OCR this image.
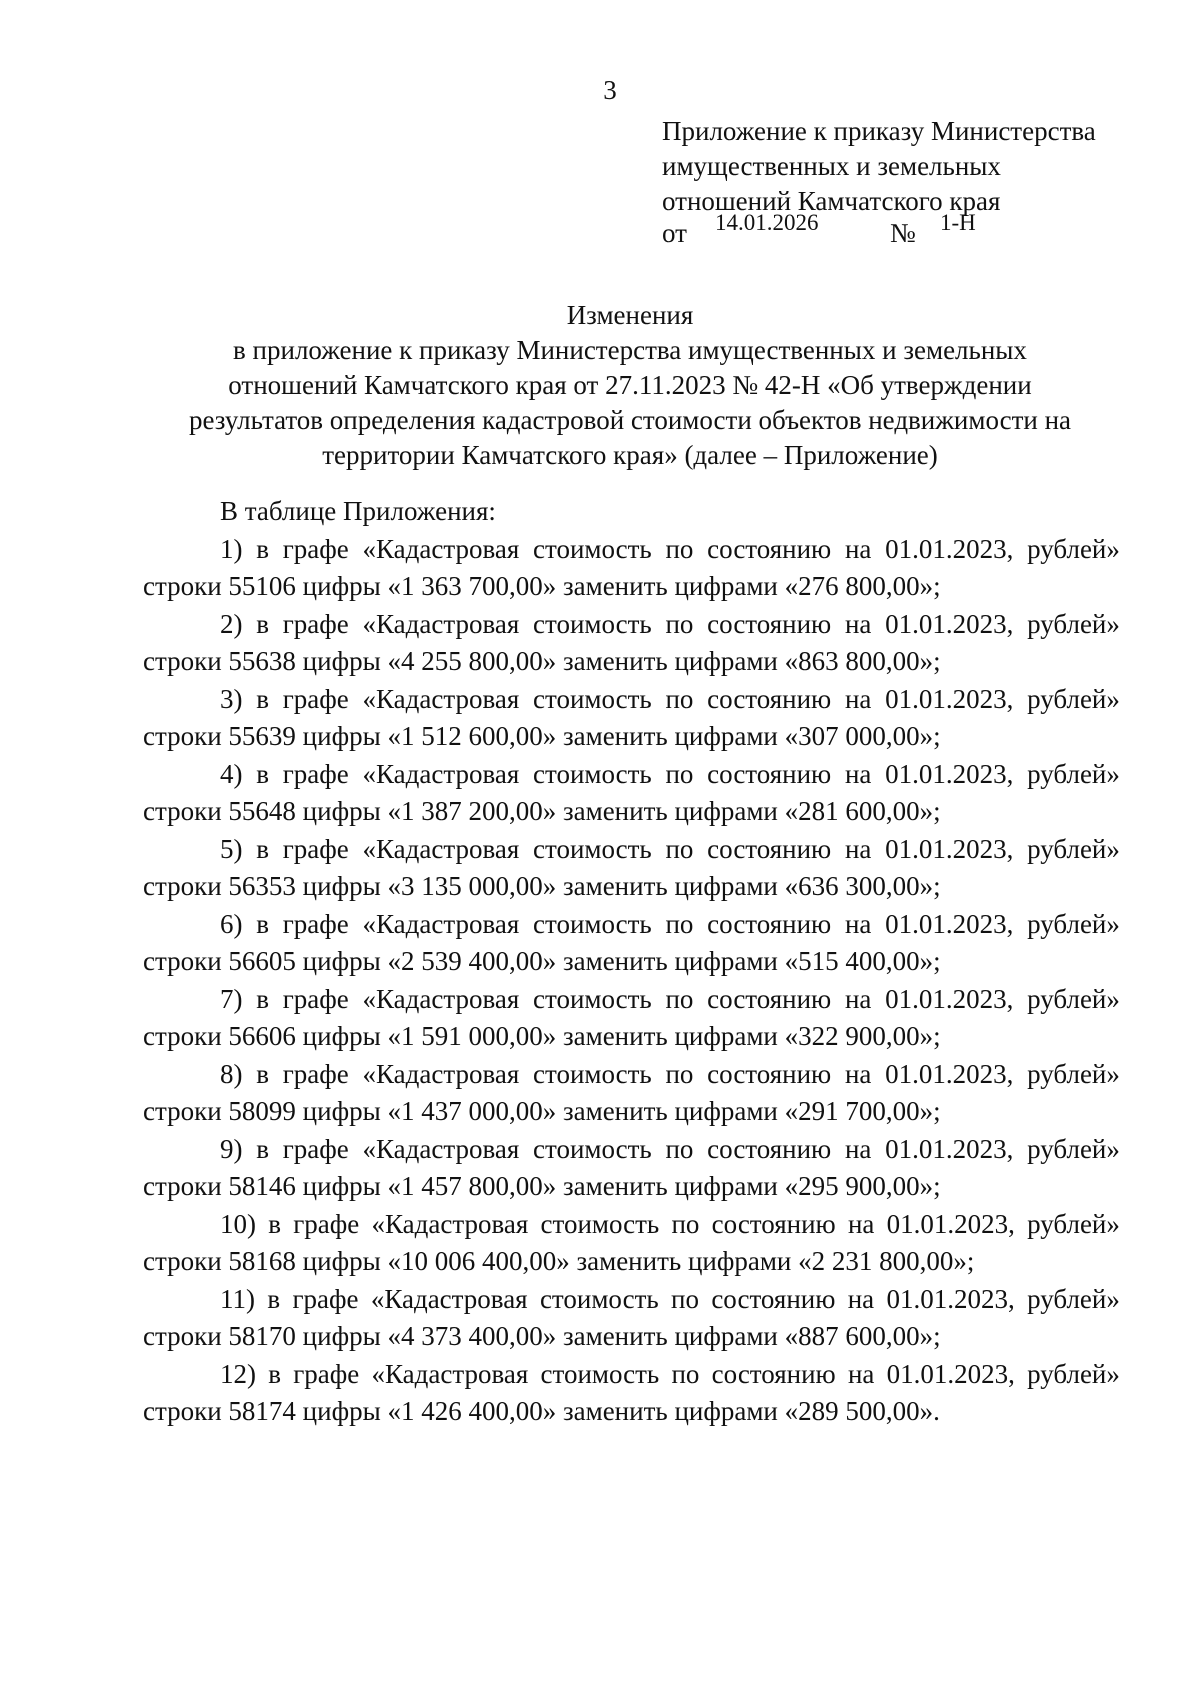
3
Приложение к приказу Министерства
имущественных и земельных
отношений Камчатского края
от 14.01.2026	№ 1-Н
Изменения
в приложение к приказу Министерства имущественных и земельных
отношений Камчатского края от 27.11.2023 № 42-Н «Об утверждении
результатов определения кадастровой стоимости объектов недвижимости на
территории Камчатского края» (далее – Приложение)
В таблице Приложения:
1) в графе «Кадастровая стоимость по состоянию на 01.01.2023, рублей»
строки 55106 цифры «1 363 700,00» заменить цифрами «276 800,00»;
2) в графе «Кадастровая стоимость по состоянию на 01.01.2023, рублей»
строки 55638 цифры «4 255 800,00» заменить цифрами «863 800,00»;
3) в графе «Кадастровая стоимость по состоянию на 01.01.2023, рублей»
строки 55639 цифры «1 512 600,00» заменить цифрами «307 000,00»;
4) в графе «Кадастровая стоимость по состоянию на 01.01.2023, рублей»
строки 55648 цифры «1 387 200,00» заменить цифрами «281 600,00»;
5) в графе «Кадастровая стоимость по состоянию на 01.01.2023, рублей»
строки 56353 цифры «3 135 000,00» заменить цифрами «636 300,00»;
6) в графе «Кадастровая стоимость по состоянию на 01.01.2023, рублей»
строки 56605 цифры «2 539 400,00» заменить цифрами «515 400,00»;
7) в графе «Кадастровая стоимость по состоянию на 01.01.2023, рублей»
строки 56606 цифры «1 591 000,00» заменить цифрами «322 900,00»;
8) в графе «Кадастровая стоимость по состоянию на 01.01.2023, рублей»
строки 58099 цифры «1 437 000,00» заменить цифрами «291 700,00»;
9) в графе «Кадастровая стоимость по состоянию на 01.01.2023, рублей»
строки 58146 цифры «1 457 800,00» заменить цифрами «295 900,00»;
10) в графе «Кадастровая стоимость по состоянию на 01.01.2023, рублей»
строки 58168 цифры «10 006 400,00» заменить цифрами «2 231 800,00»;
11) в графе «Кадастровая стоимость по состоянию на 01.01.2023, рублей»
строки 58170 цифры «4 373 400,00» заменить цифрами «887 600,00»;
12) в графе «Кадастровая стоимость по состоянию на 01.01.2023, рублей»
строки 58174 цифры «1 426 400,00» заменить цифрами «289 500,00».
